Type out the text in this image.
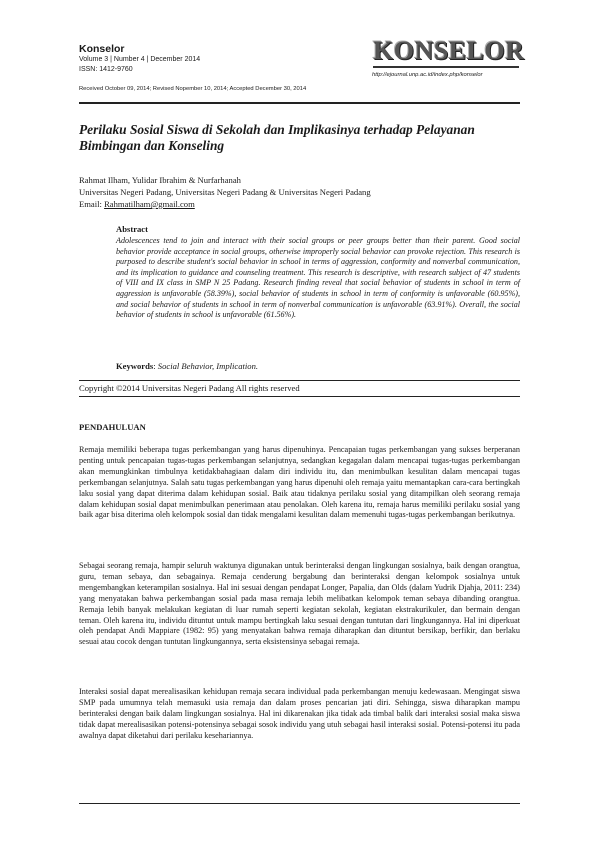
Konselor
Volume 3 | Number 4 | December 2014
ISSN: 1412-9760
KONSELOR
http://ejournal.unp.ac.id/index.php/konselor
Received October 09, 2014; Revised Nopember 10, 2014; Accepted December 30, 2014
Perilaku Sosial Siswa di Sekolah dan Implikasinya terhadap Pelayanan Bimbingan dan Konseling
Rahmat Ilham, Yulidar Ibrahim & Nurfarhanah
Universitas Negeri Padang, Universitas Negeri Padang & Universitas Negeri Padang
Email: Rahmatilham@gmail.com
Abstract
Adolescences tend to join and interact with their social groups or peer groups better than their parent. Good social behavior provide acceptance in social groups, otherwise improperly social behavior can provoke rejection. This research is purposed to describe student's social behavior in school in terms of aggression, conformity and nonverbal communication, and its implication to guidance and counseling treatment. This research is descriptive, with research subject of 47 students of VIII and IX class in SMP N 25 Padang. Research finding reveal that social behavior of students in school in term of aggression is unfavorable (58.39%), social behavior of students in school in term of conformity is unfavorable (60.95%), and social behavior of students in school in term of nonverbal communication is unfavorable (63.91%). Overall, the social behavior of students in school is unfavorable (61.56%).
Keywords: Social Behavior, Implication.
Copyright ©2014 Universitas Negeri Padang All rights reserved
PENDAHULUAN
Remaja memiliki beberapa tugas perkembangan yang harus dipenuhinya. Pencapaian tugas perkembangan yang sukses berperanan penting untuk pencapaian tugas-tugas perkembangan selanjutnya, sedangkan kegagalan dalam mencapai tugas-tugas perkembangan akan memungkinkan timbulnya ketidakbahagiaan dalam diri individu itu, dan menimbulkan kesulitan dalam mencapai tugas perkembangan selanjutnya. Salah satu tugas perkembangan yang harus dipenuhi oleh remaja yaitu memantapkan cara-cara bertingkah laku sosial yang dapat diterima dalam kehidupan sosial. Baik atau tidaknya perilaku sosial yang ditampilkan oleh seorang remaja dalam kehidupan sosial dapat menimbulkan penerimaan atau penolakan. Oleh karena itu, remaja harus memiliki perilaku sosial yang baik agar bisa diterima oleh kelompok sosial dan tidak mengalami kesulitan dalam memenuhi tugas-tugas perkembangan berikutnya.
Sebagai seorang remaja, hampir seluruh waktunya digunakan untuk berinteraksi dengan lingkungan sosialnya, baik dengan orangtua, guru, teman sebaya, dan sebagainya. Remaja cenderung bergabung dan berinteraksi dengan kelompok sosialnya untuk mengembangkan keterampilan sosialnya. Hal ini sesuai dengan pendapat Longer, Papalia, dan Olds (dalam Yudrik Djahja, 2011: 234) yang menyatakan bahwa perkembangan sosial pada masa remaja lebih melibatkan kelompok teman sebaya dibanding orangtua. Remaja lebih banyak melakukan kegiatan di luar rumah seperti kegiatan sekolah, kegiatan ekstrakurikuler, dan bermain dengan teman. Oleh karena itu, individu dituntut untuk mampu bertingkah laku sesuai dengan tuntutan dari lingkungannya. Hal ini diperkuat oleh pendapat Andi Mappiare (1982: 95) yang menyatakan bahwa remaja diharapkan dan dituntut bersikap, berfikir, dan berlaku sesuai atau cocok dengan tuntutan lingkungannya, serta eksistensinya sebagai remaja.
Interaksi sosial dapat merealisasikan kehidupan remaja secara individual pada perkembangan menuju kedewasaan. Mengingat siswa SMP pada umumnya telah memasuki usia remaja dan dalam proses pencarian jati diri. Sehingga, siswa diharapkan mampu berinteraksi dengan baik dalam lingkungan sosialnya. Hal ini dikarenakan jika tidak ada timbal balik dari interaksi sosial maka siswa tidak dapat merealisasikan potensi-potensinya sebagai sosok individu yang utuh sebagai hasil interaksi sosial. Potensi-potensi itu pada awalnya dapat diketahui dari perilaku kesehariannya.
